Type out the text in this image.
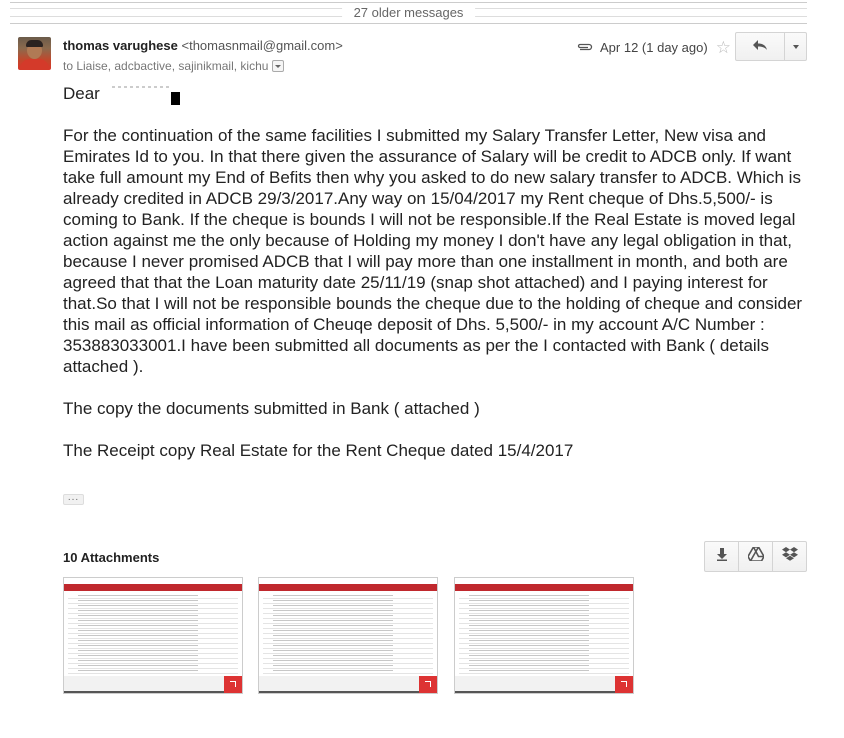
27 older messages
thomas varughese <thomasnmail@gmail.com>
to Liaise, adcbactive, sajinikmail, kichu
Apr 12 (1 day ago) ☆
Dear

For the continuation of the same facilities I submitted my Salary Transfer Letter, New visa and Emirates Id to you. In that there given the assurance of Salary will be credit to ADCB only. If want take full amount my End of Befits then why you asked to do new salary transfer to ADCB. Which is already credited in ADCB 29/3/2017.Any way on 15/04/2017 my Rent cheque of Dhs.5,500/- is coming to Bank. If the cheque is bounds I will not be responsible.If the Real Estate is moved legal action against me the only because of Holding my money I don't have any legal obligation in that, because I never promised ADCB that I will pay more than one installment in month, and both are agreed that that the Loan maturity date 25/11/19 (snap shot attached) and I paying interest for that.So that I will not be responsible bounds the cheque due to the holding of cheque and consider this mail as official information of Cheuqe deposit of Dhs. 5,500/- in my account A/C Number : 353883033001.I have been submitted all documents as per the I contacted with Bank ( details attached ).

The copy the documents submitted in Bank ( attached )

The Receipt copy Real Estate for the Rent Cheque dated 15/4/2017

...
10 Attachments
